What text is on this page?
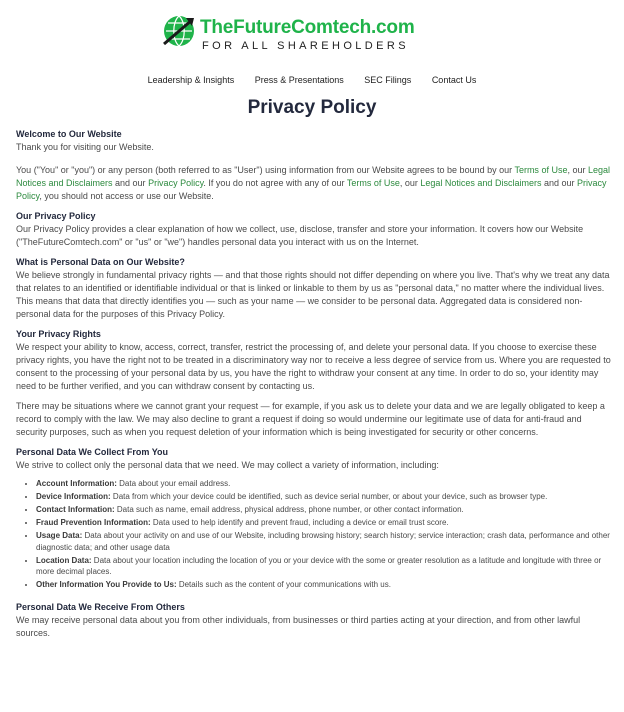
TheFutureComtech.com
FOR ALL SHAREHOLDERS
Leadership & Insights Press & Presentations SEC Filings Contact Us
Privacy Policy
Welcome to Our Website

Thank you for visiting our Website.

You ("You" or "you") or any person (both referred to as "User") using information from our Website agrees to be bound by our Terms of Use, our Legal Notices and Disclaimers and our Privacy Policy. If you do not agree with any of our Terms of Use, our Legal Notices and Disclaimers and our Privacy Policy, you should not access or use our Website.

Our Privacy Policy

Our Privacy Policy provides a clear explanation of how we collect, use, disclose, transfer and store your information. It covers how our Website ("TheFutureComtech.com" or "us" or "we") handles personal data you interact with us on the Internet.

What is Personal Data on Our Website?

We believe strongly in fundamental privacy rights — and that those rights should not differ depending on where you live. That's why we treat any data that relates to an identified or identifiable individual or that is linked or linkable to them by us as "personal data," no matter where the individual lives. This means that data that directly identifies you — such as your name — we consider to be personal data. Aggregated data is considered non-personal data for the purposes of this Privacy Policy.

Your Privacy Rights

We respect your ability to know, access, correct, transfer, restrict the processing of, and delete your personal data. If you choose to exercise these privacy rights, you have the right not to be treated in a discriminatory way nor to receive a less degree of service from us. Where you are requested to consent to the processing of your personal data by us, you have the right to withdraw your consent at any time. In order to do so, your identity may need to be further verified, and you can withdraw consent by contacting us.

There may be situations where we cannot grant your request — for example, if you ask us to delete your data and we are legally obligated to keep a record to comply with the law. We may also decline to grant a request if doing so would undermine our legitimate use of data for anti-fraud and security purposes, such as when you request deletion of your information which is being investigated for security or other concerns.

Personal Data We Collect From You

We strive to collect only the personal data that we need. We may collect a variety of information, including:

• Account Information: Data about your email address.
• Device Information: Data from which your device could be identified, such as device serial number, or about your device, such as browser type.
• Contact Information: Data such as name, email address, physical address, phone number, or other contact information.
• Fraud Prevention Information: Data used to help identify and prevent fraud, including a device or email trust score.
• Usage Data: Data about your activity on and use of our Website, including browsing history; search history; service interaction; crash data, performance and other diagnostic data; and other usage data
• Location Data: Data about your location including the location of you or your device with the some or greater resolution as a latitude and longitude with three or more decimal places.
• Other Information You Provide to Us: Details such as the content of your communications with us.
Personal Data We Receive From Others

We may receive personal data about you from other individuals, from businesses or third parties acting at your direction, and from other lawful sources.
